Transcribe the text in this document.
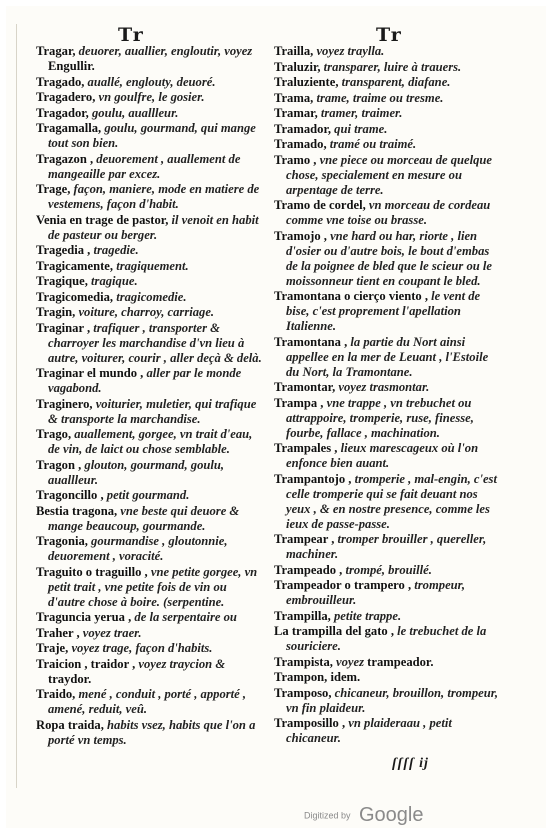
Tr	Tr
Tragar, deuorer, auallier, engloutir, voyez Engullir.
Tragado, auallé, englouty, deuoré.
Tragadero, vn goulfre, le gosier.
Tragador, goulu, auallleur.
Tragamalla, goulu, gourmand, qui mange tout son bien.
Tragazon , deuorement , auallement de mangeaille par excez.
Trage, façon, maniere, mode en matiere de vestemens, façon d'habit.
Venia en trage de pastor, il venoit en habit de pasteur ou berger.
Tragedia , tragedie.
Tragicamente, tragiquement.
Tragique, tragique.
Tragicomedia, tragicomedie.
Tragin, voiture, charroy, carriage.
Traginar , trafiquer , transporter & charroyer les marchandise d'vn lieu à autre, voiturer, courir , aller deçà & delà.
Traginar el mundo , aller par le monde vagabond.
Traginero, voiturier, muletier, qui trafique & transporte la marchandise.
Trago, auallement, gorgee, vn trait d'eau, de vin, de laict ou chose semblable.
Tragon , glouton, gourmand, goulu, auallleur.
Tragoncillo , petit gourmand.
Bestia tragona, vne beste qui deuore & mange beaucoup, gourmande.
Tragonia, gourmandise , gloutonnie, deuorement , voracité.
Traguito o traguillo , vne petite gorgee, vn petit trait , vne petite fois de vin ou d'autre chose à boire. (serpentine.
Traguncia yerua , de la serpentaire ou
Traher , voyez traer.
Traje, voyez trage, façon d'habits.
Traicion , traidor , voyez traycion & traydor.
Traido, mené , conduit , porté , apporté , amené, reduit, veû.
Ropa traida, habits vsez, habits que l'on a porté vn temps.
Trailla, voyez traylla.
Traluzir, transparer, luire à trauers.
Traluziente, transparent, diafane.
Trama, trame, traime ou tresme.
Tramar, tramer, traimer.
Tramador, qui trame.
Tramado, tramé ou traimé.
Tramo , vne piece ou morceau de quelque chose, specialement en mesure ou arpentage de terre.
Tramo de cordel, vn morceau de cordeau comme vne toise ou brasse.
Tramojo , vne hard ou har, riorte , lien d'osier ou d'autre bois, le bout d'embas de la poignee de bled que le scieur ou le moissonneur tient en coupant le bled.
Tramontana o cierço viento , le vent de bise, c'est proprement l'apellation Italienne.
Tramontana , la partie du Nort ainsi appellee en la mer de Leuant , l'Estoile du Nort, la Tramontane.
Tramontar, voyez trasmontar.
Trampa , vne trappe , vn trebuchet ou attrappoire, tromperie, ruse, finesse, fourbe, fallace , machination.
Trampales , lieux marescageux où l'on enfonce bien auant.
Trampantojo , tromperie , mal-engin, c'est celle tromperie qui se fait deuant nos yeux , & en nostre presence, comme les ieux de passe-passe.
Trampear , tromper brouiller , quereller, machiner.
Trampeado , trompé, brouillé.
Trampeador o trampero , trompeur, embrouilleur.
Trampilla, petite trappe.
La trampilla del gato , le trebuchet de la souriciere.
Trampista, voyez trampeador.
Trampon, idem.
Tramposo, chicaneur, brouillon, trompeur, vn fin plaideur.
Tramposillo , vn plaideraau , petit chicaneur.
ſſſſ ij
Digitized by Google
